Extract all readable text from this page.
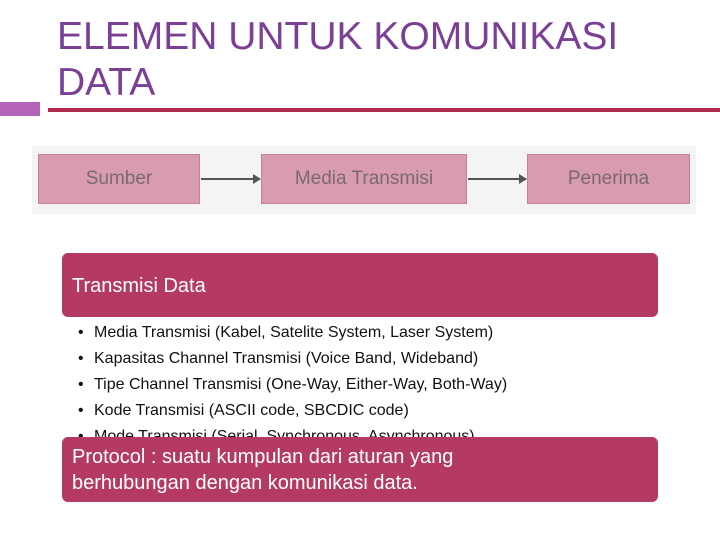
ELEMEN UNTUK KOMUNIKASI
DATA
Sumber	Media Transmisi	Penerima
Transmisi Data
• Media Transmisi (Kabel, Satelite System, Laser System)
• Kapasitas Channel Transmisi (Voice Band, Wideband)
• Tipe Channel Transmisi (One-Way, Either-Way, Both-Way)
• Kode Transmisi (ASCII code, SBCDIC code)
•
Protocol : suatu kumpulan dari aturan yang
berhubungan dengan komunikasi data.
